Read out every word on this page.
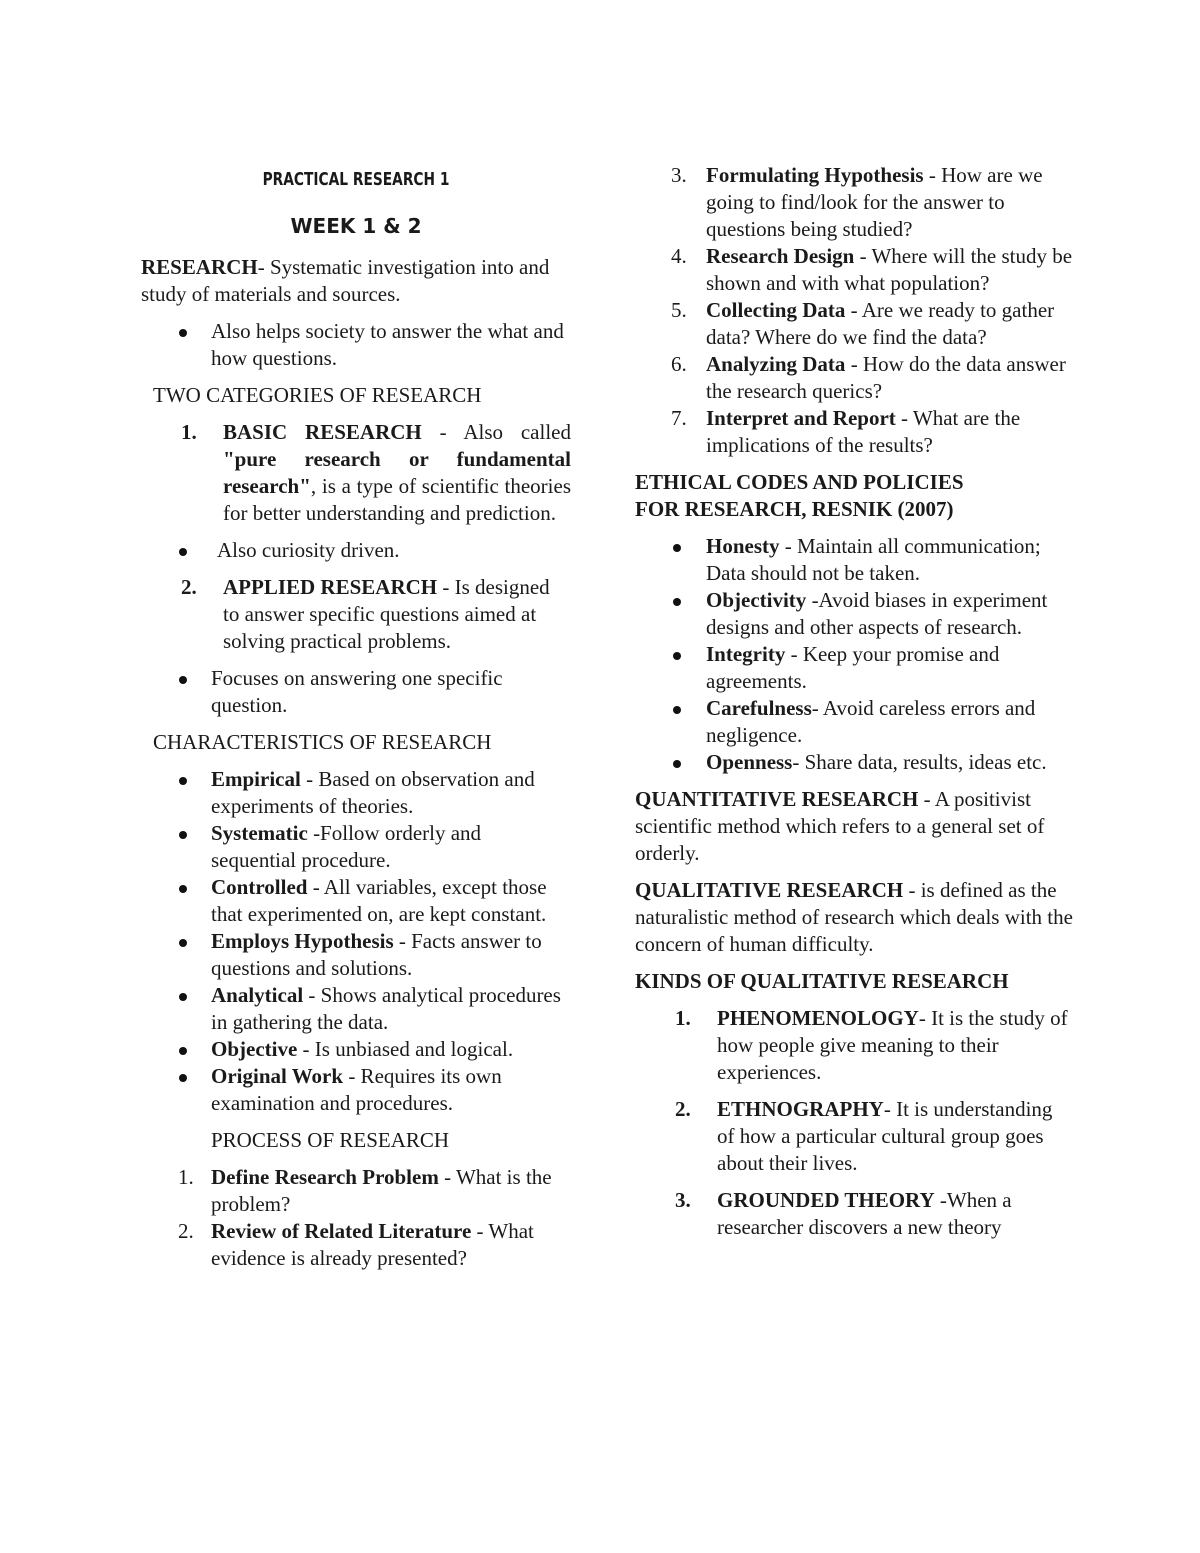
PRACTICAL RESEARCH 1
WEEK 1 & 2
RESEARCH- Systematic investigation into and study of materials and sources.
Also helps society to answer the what and how questions.
TWO CATEGORIES OF RESEARCH
1. BASIC RESEARCH - Also called "pure research or fundamental research", is a type of scientific theories for better understanding and prediction.
Also curiosity driven.
2. APPLIED RESEARCH - Is designed to answer specific questions aimed at solving practical problems.
Focuses on answering one specific question.
CHARACTERISTICS OF RESEARCH
Empirical - Based on observation and experiments of theories.
Systematic -Follow orderly and sequential procedure.
Controlled - All variables, except those that experimented on, are kept constant.
Employs Hypothesis - Facts answer to questions and solutions.
Analytical - Shows analytical procedures in gathering the data.
Objective - Is unbiased and logical.
Original Work - Requires its own examination and procedures.
PROCESS OF RESEARCH
1. Define Research Problem - What is the problem?
2. Review of Related Literature - What evidence is already presented?
3. Formulating Hypothesis - How are we going to find/look for the answer to questions being studied?
4. Research Design - Where will the study be shown and with what population?
5. Collecting Data - Are we ready to gather data? Where do we find the data?
6. Analyzing Data - How do the data answer the research querics?
7. Interpret and Report - What are the implications of the results?
ETHICAL CODES AND POLICIES
FOR RESEARCH, RESNIK (2007)
Honesty - Maintain all communication; Data should not be taken.
Objectivity -Avoid biases in experiment designs and other aspects of research.
Integrity - Keep your promise and agreements.
Carefulness- Avoid careless errors and negligence.
Openness- Share data, results, ideas etc.
QUANTITATIVE RESEARCH - A positivist scientific method which refers to a general set of orderly.
QUALITATIVE RESEARCH - is defined as the naturalistic method of research which deals with the concern of human difficulty.
KINDS OF QUALITATIVE RESEARCH
1. PHENOMENOLOGY- It is the study of how people give meaning to their experiences.
2. ETHNOGRAPHY- It is understanding of how a particular cultural group goes about their lives.
3. GROUNDED THEORY -When a researcher discovers a new theory
